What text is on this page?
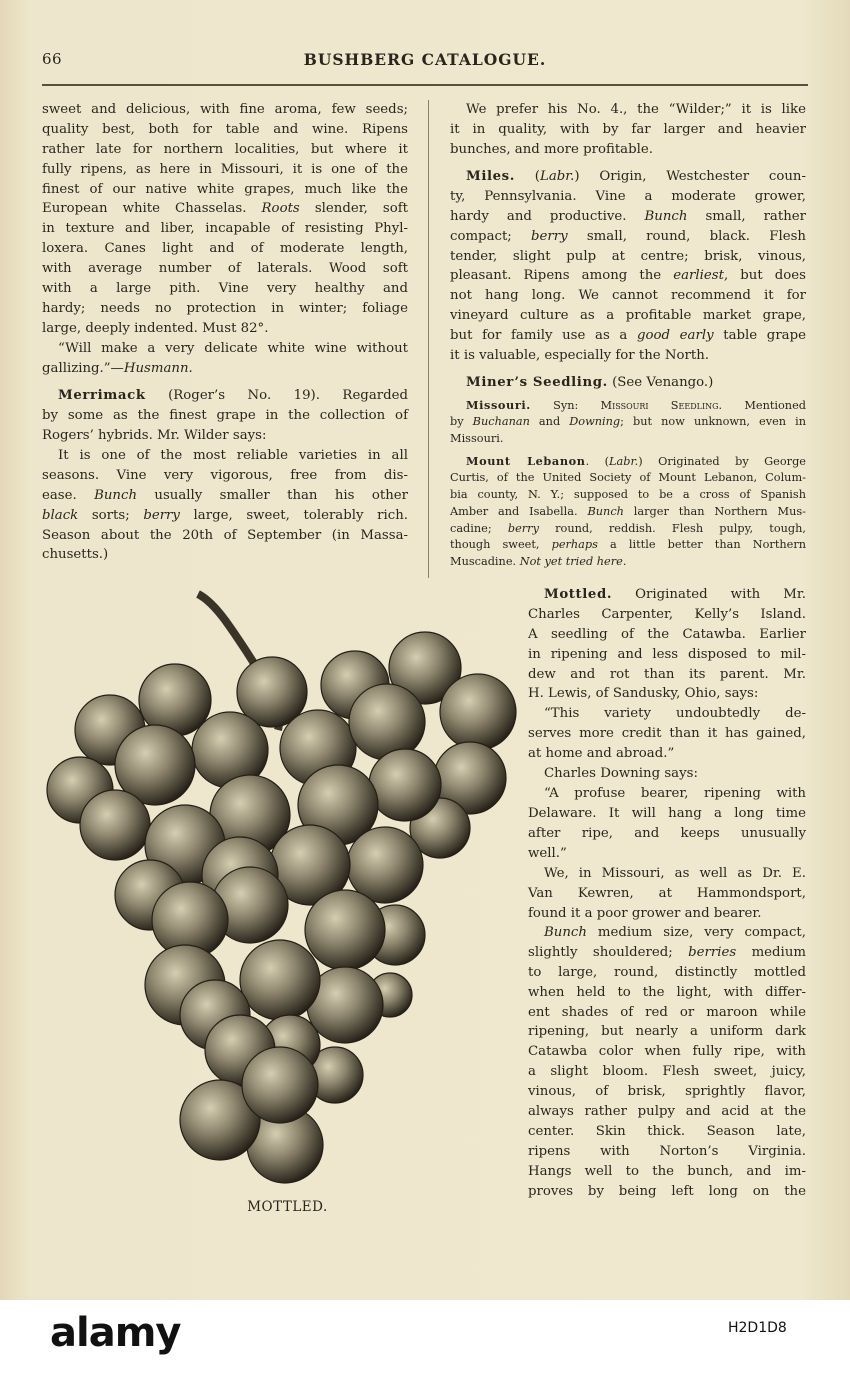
66	BUSHBERG CATALOGUE.
sweet and delicious, with fine aroma, few seeds;
quality best, both for table and wine. Ripens
rather late for northern localities, but where it
fully ripens, as here in Missouri, it is one of the
finest of our native white grapes, much like the
European white Chasselas. Roots slender, soft
in texture and liber, incapable of resisting Phyl-
loxera. Canes light and of moderate length,
with average number of laterals. Wood soft
with a large pith. Vine very healthy and
hardy; needs no protection in winter; foliage
large, deeply indented. Must 82°.
“Will make a very delicate white wine without
gallizing.”—Husmann.
Merrimack (Roger’s No. 19). Regarded
by some as the finest grape in the collection of
Rogers’ hybrids. Mr. Wilder says:
It is one of the most reliable varieties in all
seasons. Vine very vigorous, free from dis-
ease. Bunch usually smaller than his other
black sorts; berry large, sweet, tolerably rich.
Season about the 20th of September (in Massa-
chusetts.)
We prefer his No. 4., the “Wilder;” it is like
it in quality, with by far larger and heavier
bunches, and more profitable.
Miles. (Labr.) Origin, Westchester coun-
ty, Pennsylvania. Vine a moderate grower,
hardy and productive. Bunch small, rather
compact; berry small, round, black. Flesh
tender, slight pulp at centre; brisk, vinous,
pleasant. Ripens among the earliest, but does
not hang long. We cannot recommend it for
vineyard culture as a profitable market grape,
but for family use as a good early table grape
it is valuable, especially for the North.
Miner’s Seedling. (See Venango.)
Missouri. Syn: Missouri Seedling. Mentioned
by Buchanan and Downing; but now unknown, even in
Missouri.
Mount Lebanon. (Labr.) Originated by George
Curtis, of the United Society of Mount Lebanon, Colum-
bia county, N. Y.; supposed to be a cross of Spanish
Amber and Isabella. Bunch larger than Northern Mus-
cadine; berry round, reddish. Flesh pulpy, tough,
though sweet, perhaps a little better than Northern
Muscadine. Not yet tried here.
Mottled. Originated with Mr.
Charles Carpenter, Kelly’s Island.
A seedling of the Catawba. Earlier
in ripening and less disposed to mil-
dew and rot than its parent. Mr.
H. Lewis, of Sandusky, Ohio, says:
“This variety undoubtedly de-
serves more credit than it has gained,
at home and abroad.”
Charles Downing says:
“A profuse bearer, ripening with
Delaware. It will hang a long time
after ripe, and keeps unusually
well.”
We, in Missouri, as well as Dr. E.
Van Kewren, at Hammondsport,
found it a poor grower and bearer.
Bunch medium size, very compact,
slightly shouldered; berries medium
to large, round, distinctly mottled
when held to the light, with differ-
ent shades of red or maroon while
ripening, but nearly a uniform dark
Catawba color when fully ripe, with
a slight bloom. Flesh sweet, juicy,
vinous, of brisk, sprightly flavor,
always rather pulpy and acid at the
center. Skin thick. Season late,
ripens with Norton’s Virginia.
Hangs well to the bunch, and im-
proves by being left long on the
MOTTLED.
alamy	H2D1D8
